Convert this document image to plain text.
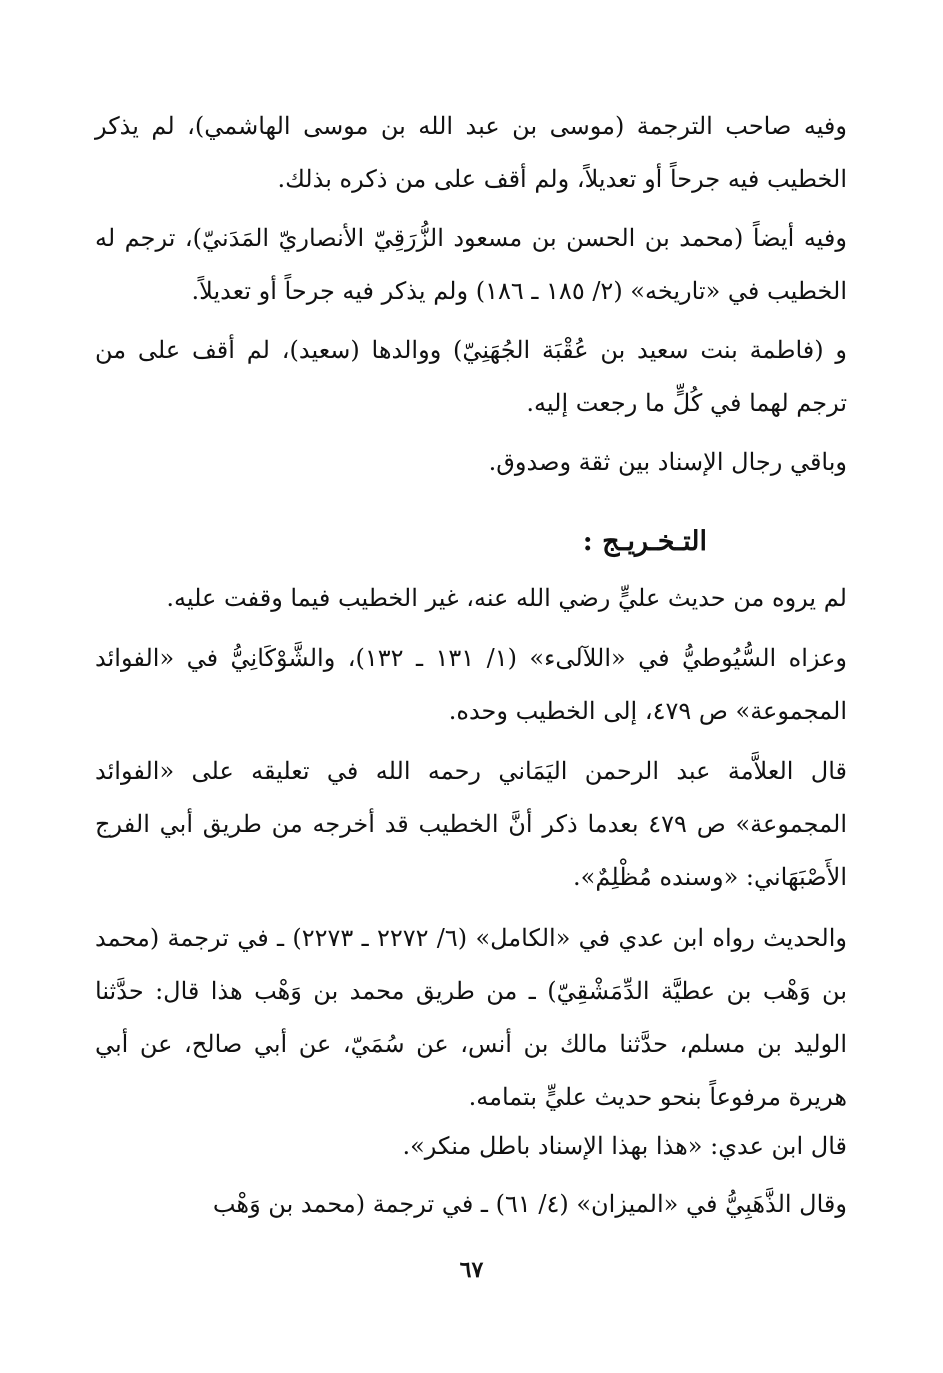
وفيه صاحب الترجمة (موسى بن عبد الله بن موسى الهاشمي)، لم يذكر الخطيب فيه جرحاً أو تعديلاً، ولم أقف على من ذكره بذلك.

وفيه أيضاً (محمد بن الحسن بن مسعود الزُّرَقِيّ الأنصاريّ المَدَنيّ)، ترجم له الخطيب في «تاريخه» (٢/ ١٨٥ ـ ١٨٦) ولم يذكر فيه جرحاً أو تعديلاً.

و (فاطمة بنت سعيد بن عُقْبَة الجُهَنِيّ) ووالدها (سعيد)، لم أقف على من ترجم لهما في كُلٍّ ما رجعت إليه.

وباقي رجال الإسناد بين ثقة وصدوق.

التـخـريـج :

لم يروه من حديث عليٍّ رضي الله عنه، غير الخطيب فيما وقفت عليه.

وعزاه السُّيُوطيُّ في «اللآلىء» (١/ ١٣١ ـ ١٣٢)، والشَّوْكَانِيُّ في «الفوائد المجموعة» ص ٤٧٩، إلى الخطيب وحده.

قال العلاَّمة عبد الرحمن اليَمَاني رحمه الله في تعليقه على «الفوائد المجموعة» ص ٤٧٩ بعدما ذكر أنَّ الخطيب قد أخرجه من طريق أبي الفرج الأَصْبَهَاني: «وسنده مُظْلِمٌ».

والحديث رواه ابن عدي في «الكامل» (٦/ ٢٢٧٢ ـ ٢٢٧٣) ـ في ترجمة (محمد بن وَهْب بن عطيَّة الدِّمَشْقِيّ) ـ من طريق محمد بن وَهْب هذا قال: حدَّثنا الوليد بن مسلم، حدَّثنا مالك بن أنس، عن سُمَيّ، عن أبي صالح، عن أبي هريرة مرفوعاً بنحو حديث عليٍّ بتمامه.

قال ابن عدي: «هذا بهذا الإسناد باطل منكر».

وقال الذَّهَبِيُّ في «الميزان» (٤/ ٦١) ـ في ترجمة (محمد بن وَهْب

٦٧
